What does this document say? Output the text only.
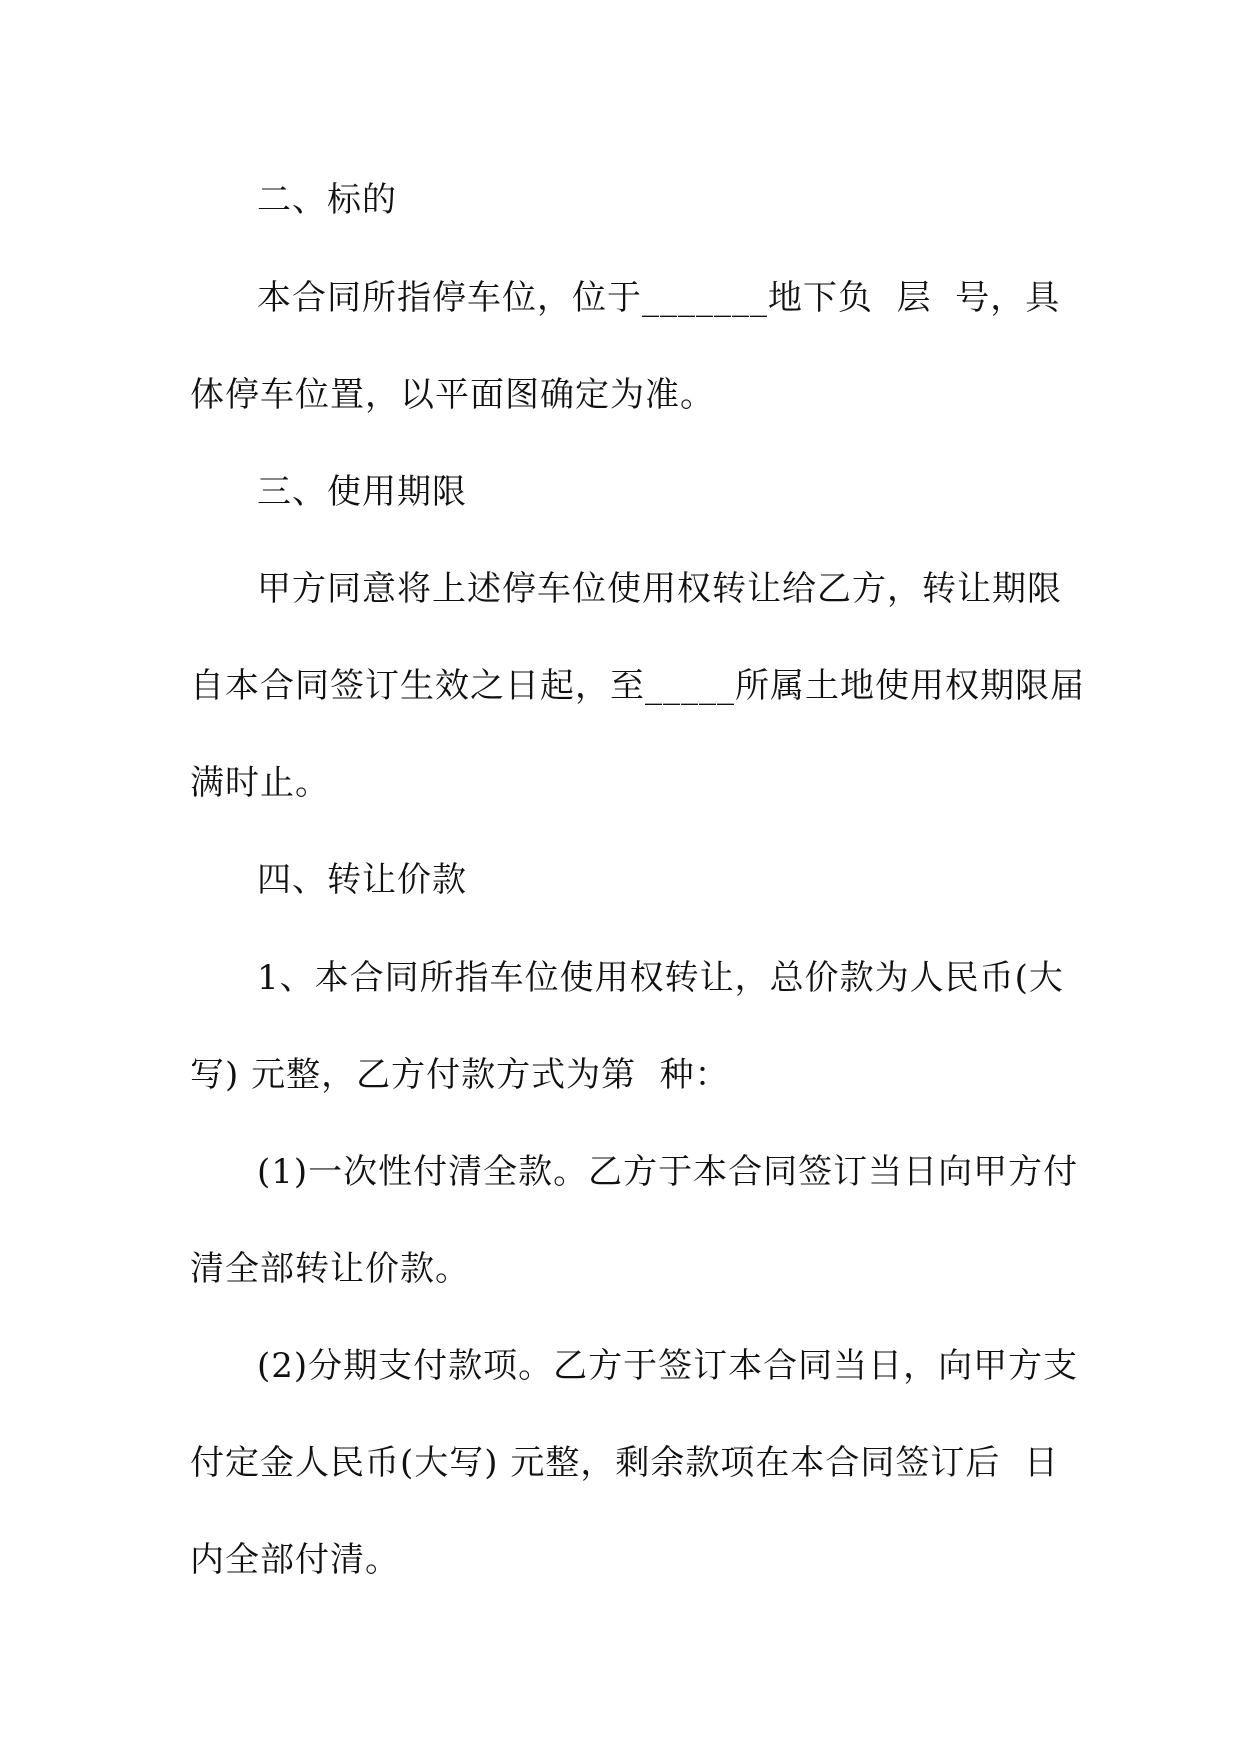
二、标的
本合同所指停车位，位于_______地下负  层  号，具
体停车位置，以平面图确定为准。
三、使用期限
甲方同意将上述停车位使用权转让给乙方，转让期限
自本合同签订生效之日起，至_____所属土地使用权期限届
满时止。
四、转让价款
1、本合同所指车位使用权转让，总价款为人民币(大
写) 元整，乙方付款方式为第  种：
(1)一次性付清全款。乙方于本合同签订当日向甲方付
清全部转让价款。
(2)分期支付款项。乙方于签订本合同当日，向甲方支
付定金人民币(大写) 元整，剩余款项在本合同签订后  日
内全部付清。
